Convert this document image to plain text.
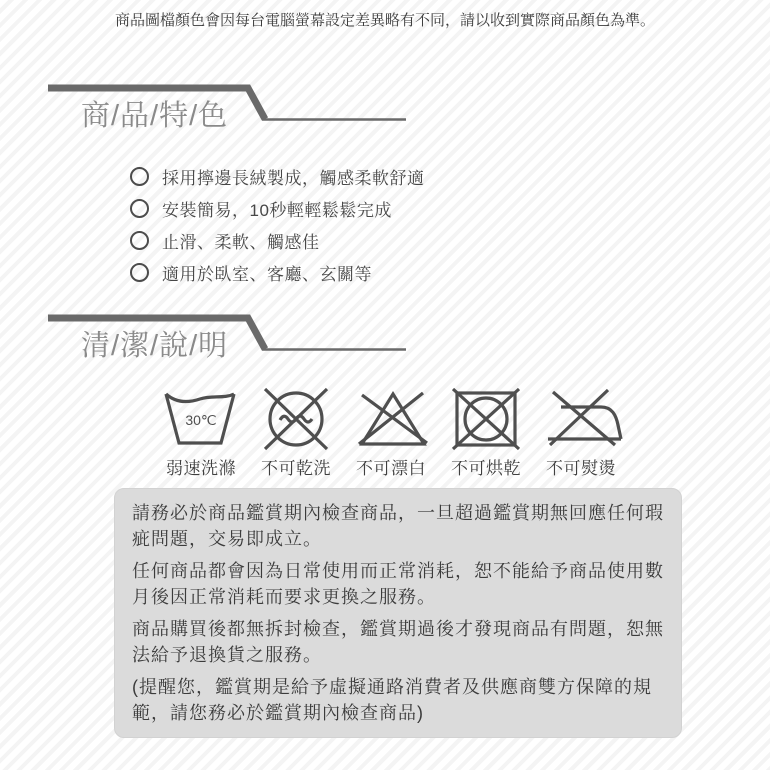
商品圖檔顏色會因每台電腦螢幕設定差異略有不同，請以收到實際商品顏色為準。
商/品/特/色
採用擰邊長絨製成，觸感柔軟舒適
安裝簡易，10秒輕輕鬆鬆完成
止滑、柔軟、觸感佳
適用於臥室、客廳、玄關等
清/潔/說/明
30℃
弱速洗滌 不可乾洗 不可漂白 不可烘乾 不可熨燙
請務必於商品鑑賞期內檢查商品，一旦超過鑑賞期無回應任何瑕
疵問題，交易即成立。
任何商品都會因為日常使用而正常消耗，恕不能給予商品使用數
月後因正常消耗而要求更換之服務。
商品購買後都無拆封檢查，鑑賞期過後才發現商品有問題，恕無
法給予退換貨之服務。
(提醒您，鑑賞期是給予虛擬通路消費者及供應商雙方保障的規
範，請您務必於鑑賞期內檢查商品)
